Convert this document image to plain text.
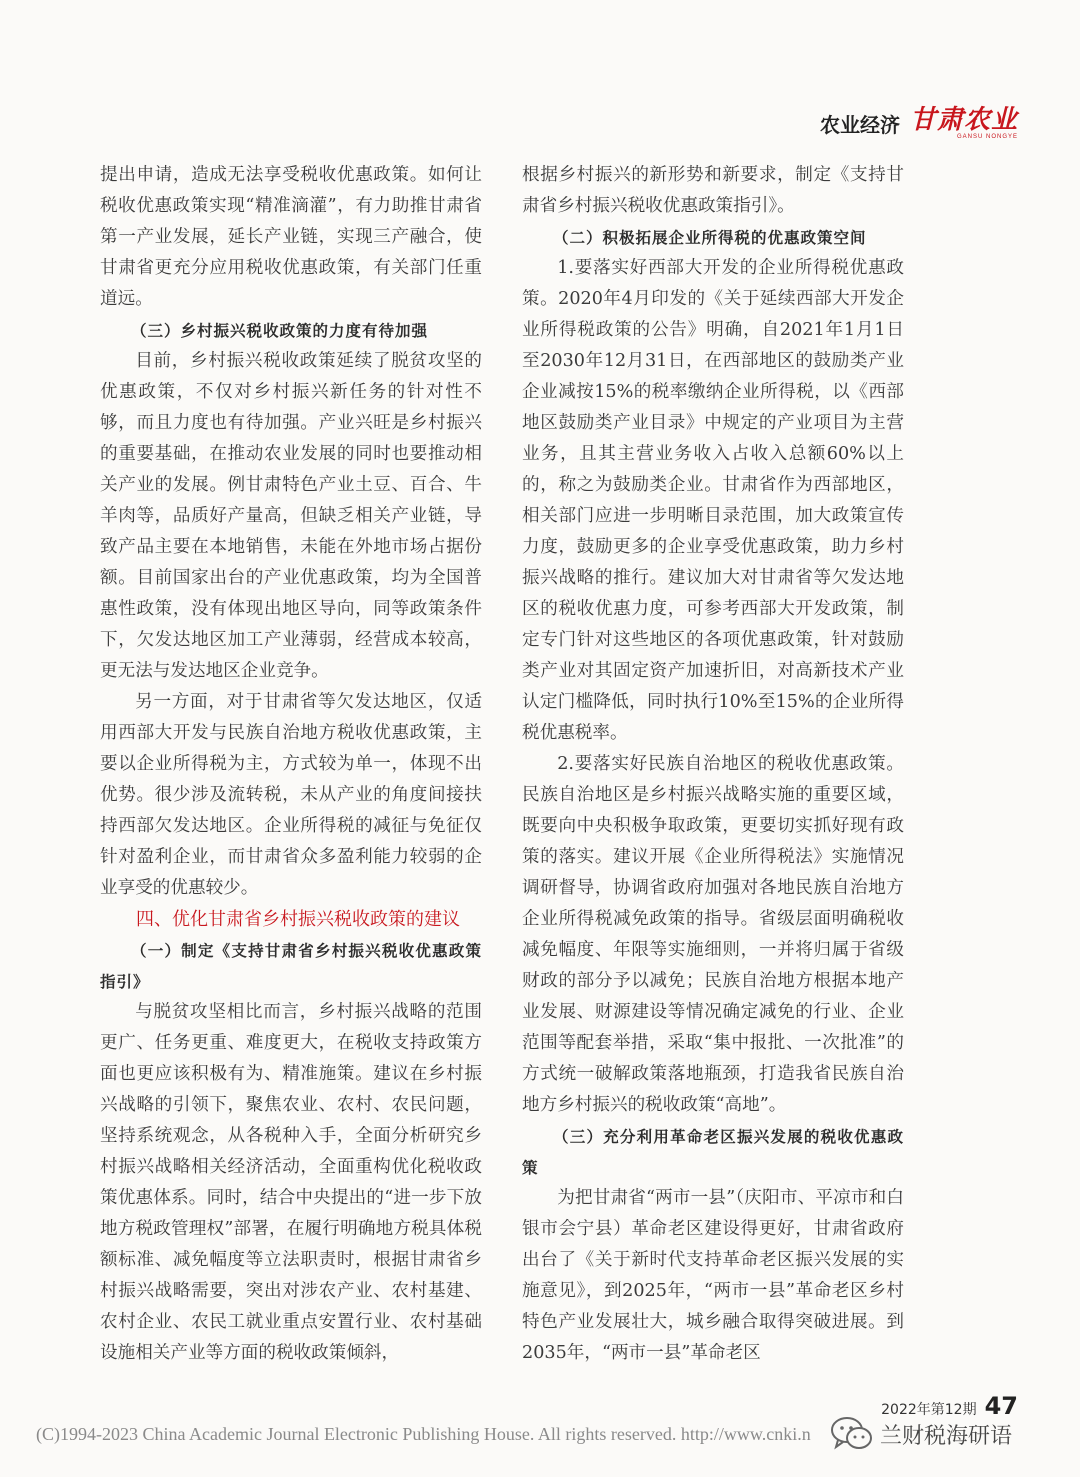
农业经济 甘肃农业
GANSU NONGYE

提出申请，造成无法享受税收优惠政策。如何让税收优惠政策实现“精准滴灌”，有力助推甘肃省第一产业发展，延长产业链，实现三产融合，使甘肃省更充分应用税收优惠政策，有关部门任重道远。

（三）乡村振兴税收政策的力度有待加强

目前，乡村振兴税收政策延续了脱贫攻坚的优惠政策，不仅对乡村振兴新任务的针对性不够，而且力度也有待加强。产业兴旺是乡村振兴的重要基础，在推动农业发展的同时也要推动相关产业的发展。例甘肃特色产业土豆、百合、牛羊肉等，品质好产量高，但缺乏相关产业链，导致产品主要在本地销售，未能在外地市场占据份额。目前国家出台的产业优惠政策，均为全国普惠性政策，没有体现出地区导向，同等政策条件下，欠发达地区加工产业薄弱，经营成本较高，更无法与发达地区企业竞争。

另一方面，对于甘肃省等欠发达地区，仅适用西部大开发与民族自治地方税收优惠政策，主要以企业所得税为主，方式较为单一，体现不出优势。很少涉及流转税，未从产业的角度间接扶持西部欠发达地区。企业所得税的减征与免征仅针对盈利企业，而甘肃省众多盈利能力较弱的企业享受的优惠较少。

四、优化甘肃省乡村振兴税收政策的建议

（一）制定《支持甘肃省乡村振兴税收优惠政策指引》

与脱贫攻坚相比而言，乡村振兴战略的范围更广、任务更重、难度更大，在税收支持政策方面也更应该积极有为、精准施策。建议在乡村振兴战略的引领下，聚焦农业、农村、农民问题，坚持系统观念，从各税种入手，全面分析研究乡村振兴战略相关经济活动，全面重构优化税收政策优惠体系。同时，结合中央提出的“进一步下放地方税政管理权”部署，在履行明确地方税具体税额标准、减免幅度等立法职责时，根据甘肃省乡村振兴战略需要，突出对涉农产业、农村基建、农村企业、农民工就业重点安置行业、农村基础设施相关产业等方面的税收政策倾斜，

根据乡村振兴的新形势和新要求，制定《支持甘肃省乡村振兴税收优惠政策指引》。

（二）积极拓展企业所得税的优惠政策空间

1.要落实好西部大开发的企业所得税优惠政策。2020年4月印发的《关于延续西部大开发企业所得税政策的公告》明确，自2021年1月1日至2030年12月31日，在西部地区的鼓励类产业企业减按15%的税率缴纳企业所得税，以《西部地区鼓励类产业目录》中规定的产业项目为主营业务，且其主营业务收入占收入总额60%以上的，称之为鼓励类企业。甘肃省作为西部地区，相关部门应进一步明晰目录范围，加大政策宣传力度，鼓励更多的企业享受优惠政策，助力乡村振兴战略的推行。建议加大对甘肃省等欠发达地区的税收优惠力度，可参考西部大开发政策，制定专门针对这些地区的各项优惠政策，针对鼓励类产业对其固定资产加速折旧，对高新技术产业认定门槛降低，同时执行10%至15%的企业所得税优惠税率。

2.要落实好民族自治地区的税收优惠政策。民族自治地区是乡村振兴战略实施的重要区域，既要向中央积极争取政策，更要切实抓好现有政策的落实。建议开展《企业所得税法》实施情况调研督导，协调省政府加强对各地民族自治地方企业所得税减免政策的指导。省级层面明确税收减免幅度、年限等实施细则，一并将归属于省级财政的部分予以减免；民族自治地方根据本地产业发展、财源建设等情况确定减免的行业、企业范围等配套举措，采取“集中报批、一次批准”的方式统一破解政策落地瓶颈，打造我省民族自治地方乡村振兴的税收政策“高地”。

（三）充分利用革命老区振兴发展的税收优惠政策

为把甘肃省“两市一县”（庆阳市、平凉市和白银市会宁县）革命老区建设得更好，甘肃省政府出台了《关于新时代支持革命老区振兴发展的实施意见》，到2025年，“两市一县”革命老区乡村特色产业发展壮大，城乡融合取得突破进展。到2035年，“两市一县”革命老区

2022年第12期 47
(C)1994-2023 China Academic Journal Electronic Publishing House. All rights reserved. http://www.cnki.n	兰财税海研语
